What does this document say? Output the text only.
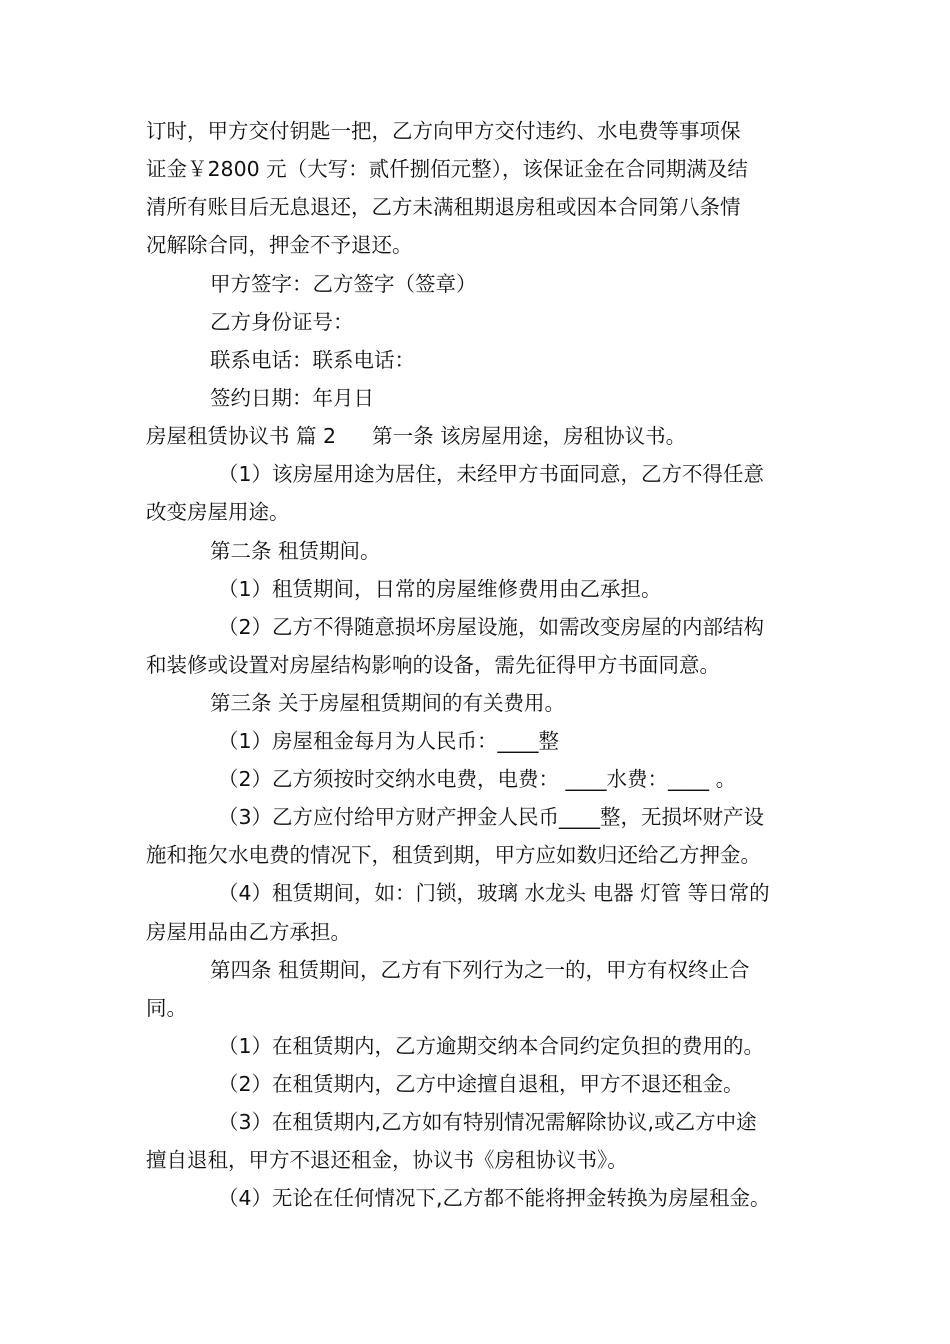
订时，甲方交付钥匙一把，乙方向甲方交付违约、水电费等事项保
证金￥2800 元（大写：贰仟捌佰元整），该保证金在合同期满及结
清所有账目后无息退还，乙方未满租期退房租或因本合同第八条情
况解除合同，押金不予退还。
甲方签字：乙方签字（签章）
乙方身份证号：
联系电话：联系电话：
签约日期：年月日
房屋租赁协议书 篇 2 第一条 该房屋用途，房租协议书。
（1）该房屋用途为居住，未经甲方书面同意，乙方不得任意
改变房屋用途。
第二条 租赁期间。
（1）租赁期间，日常的房屋维修费用由乙承担。
（2）乙方不得随意损坏房屋设施，如需改变房屋的内部结构
和装修或设置对房屋结构影响的设备，需先征得甲方书面同意。
第三条 关于房屋租赁期间的有关费用。
（1）房屋租金每月为人民币：____整
（2）乙方须按时交纳水电费，电费： ____水费：____ 。
（3）乙方应付给甲方财产押金人民币____整，无损坏财产设
施和拖欠水电费的情况下，租赁到期，甲方应如数归还给乙方押金。
（4）租赁期间，如：门锁，玻璃 水龙头 电器 灯管 等日常的
房屋用品由乙方承担。
第四条 租赁期间，乙方有下列行为之一的，甲方有权终止合
同。
（1）在租赁期内，乙方逾期交纳本合同约定负担的费用的。
（2）在租赁期内，乙方中途擅自退租，甲方不退还租金。
（3）在租赁期内,乙方如有特别情况需解除协议,或乙方中途
擅自退租，甲方不退还租金，协议书《房租协议书》。
（4）无论在任何情况下,乙方都不能将押金转换为房屋租金。
